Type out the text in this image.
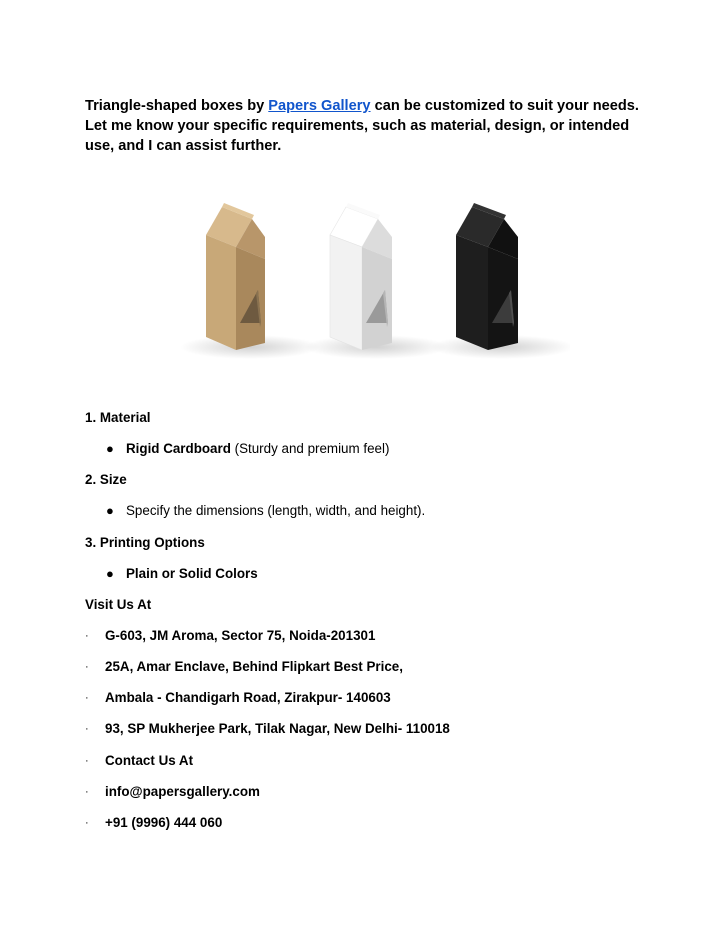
Triangle-shaped boxes by Papers Gallery can be customized to suit your needs. Let me know your specific requirements, such as material, design, or intended use, and I can assist further.

1. Material
● Rigid Cardboard (Sturdy and premium feel)
2. Size
● Specify the dimensions (length, width, and height).
3. Printing Options
● Plain or Solid Colors
Visit Us At
·	G-603, JM Aroma, Sector 75, Noida-201301
·	25A, Amar Enclave, Behind Flipkart Best Price,
·	Ambala - Chandigarh Road, Zirakpur- 140603
·	93, SP Mukherjee Park, Tilak Nagar, New Delhi- 110018
·	Contact Us At
·	info@papersgallery.com
·	+91 (9996) 444 060
